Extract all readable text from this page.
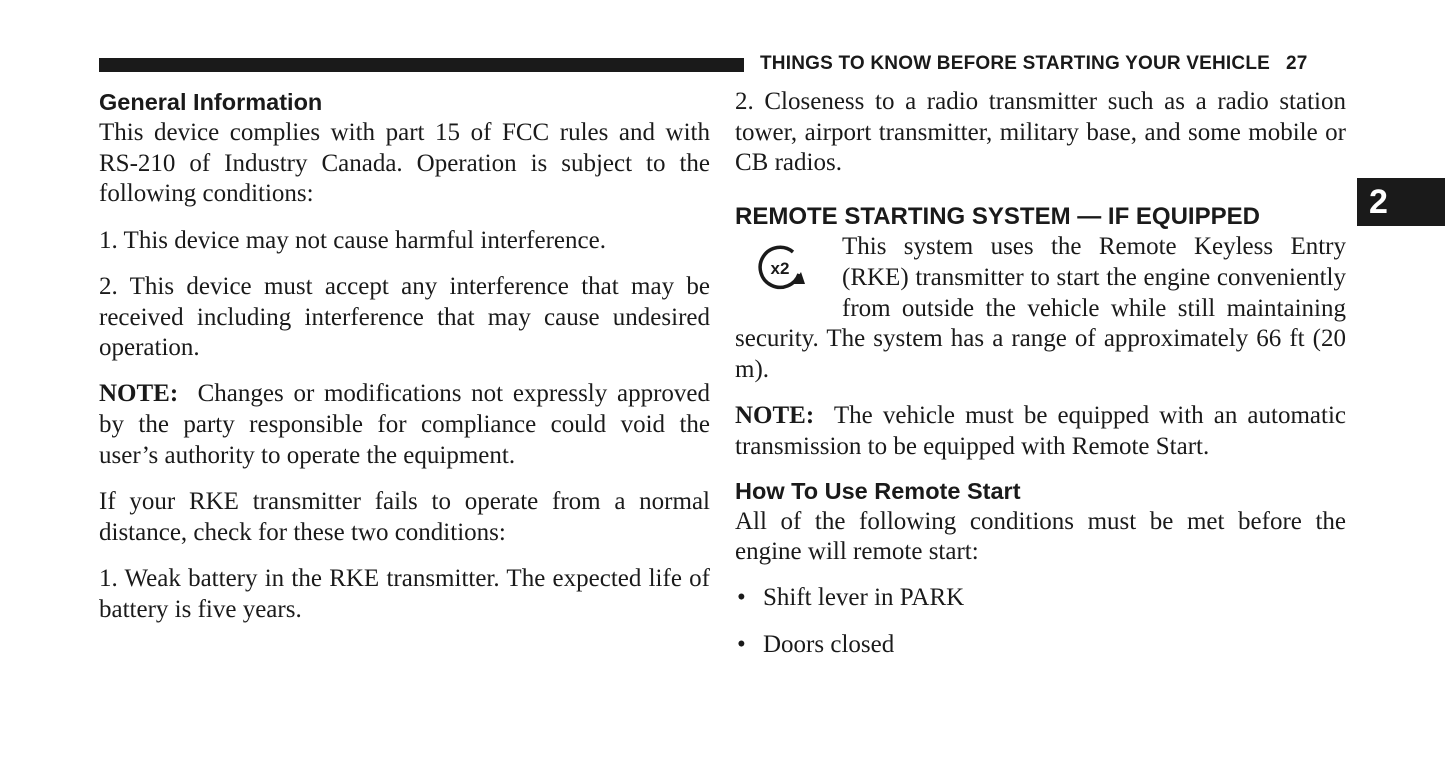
THINGS TO KNOW BEFORE STARTING YOUR VEHICLE 27
2
General Information

This device complies with part 15 of FCC rules and with RS-210 of Industry Canada. Operation is subject to the following conditions:

1. This device may not cause harmful interference.

2. This device must accept any interference that may be received including interference that may cause undesired operation.

NOTE: Changes or modifications not expressly approved by the party responsible for compliance could void the user’s authority to operate the equipment.

If your RKE transmitter fails to operate from a normal distance, check for these two conditions:

1. Weak battery in the RKE transmitter. The expected life of battery is five years.

2. Closeness to a radio transmitter such as a radio station tower, airport transmitter, military base, and some mobile or CB radios.

REMOTE STARTING SYSTEM — IF EQUIPPED
x2

This system uses the Remote Keyless Entry (RKE) transmitter to start the engine conveniently from outside the vehicle while still maintaining security. The system has a range of approximately 66 ft (20 m).

NOTE: The vehicle must be equipped with an automatic transmission to be equipped with Remote Start.

How To Use Remote Start

All of the following conditions must be met before the engine will remote start:

• Shift lever in PARK
• Doors closed
